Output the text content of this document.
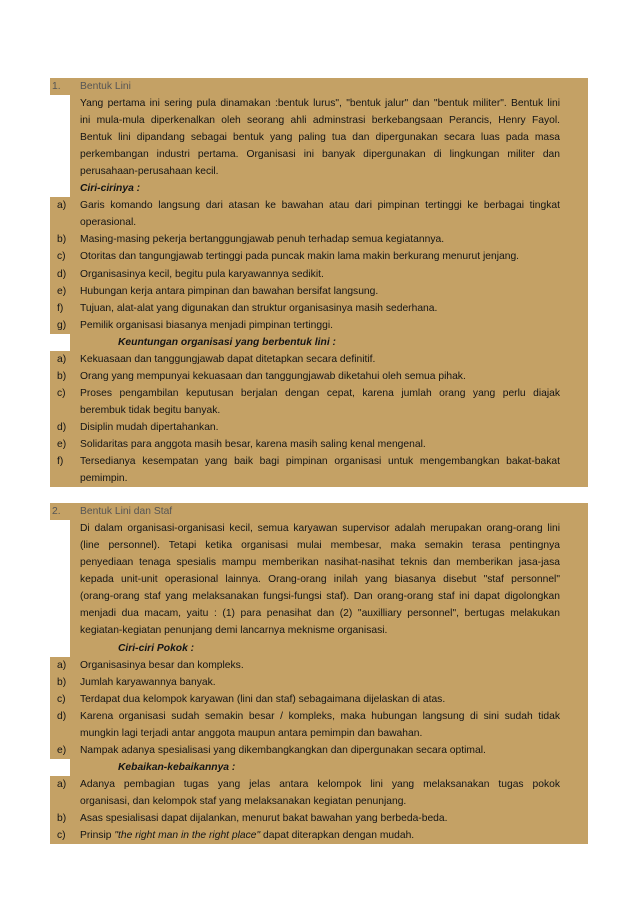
1. Bentuk Lini
Yang pertama ini sering pula dinamakan :bentuk lurus", "bentuk jalur" dan "bentuk militer". Bentuk lini
ini mula-mula diperkenalkan oleh seorang ahli adminstrasi berkebangsaan Perancis, Henry Fayol.
Bentuk lini dipandang sebagai bentuk yang paling tua dan dipergunakan secara luas pada masa
perkembangan industri pertama. Organisasi ini banyak dipergunakan di lingkungan militer dan
perusahaan-perusahaan kecil.
Ciri-cirinya :
a) Garis komando langsung dari atasan ke bawahan atau dari pimpinan tertinggi ke berbagai tingkat
operasional.
b) Masing-masing pekerja bertanggungjawab penuh terhadap semua kegiatannya.
c) Otoritas dan tangungjawab tertinggi pada puncak makin lama makin berkurang menurut jenjang.
d) Organisasinya kecil, begitu pula karyawannya sedikit.
e) Hubungan kerja antara pimpinan dan bawahan bersifat langsung.
f) Tujuan, alat-alat yang digunakan dan struktur organisasinya masih sederhana.
g) Pemilik organisasi biasanya menjadi pimpinan tertinggi.
Keuntungan organisasi yang berbentuk lini :
a) Kekuasaan dan tanggungjawab dapat ditetapkan secara definitif.
b) Orang yang mempunyai kekuasaan dan tanggungjawab diketahui oleh semua pihak.
c) Proses pengambilan keputusan berjalan dengan cepat, karena jumlah orang yang perlu diajak
berembuk tidak begitu banyak.
d) Disiplin mudah dipertahankan.
e) Solidaritas para anggota masih besar, karena masih saling kenal mengenal.
f) Tersedianya kesempatan yang baik bagi pimpinan organisasi untuk mengembangkan bakat-bakat
pemimpin.
2. Bentuk Lini dan Staf
Di dalam organisasi-organisasi kecil, semua karyawan supervisor adalah merupakan orang-orang lini
(line personnel). Tetapi ketika organisasi mulai membesar, maka semakin terasa pentingnya
penyediaan tenaga spesialis mampu memberikan nasihat-nasihat teknis dan memberikan jasa-jasa
kepada unit-unit operasional lainnya. Orang-orang inilah yang biasanya disebut "staf personnel"
(orang-orang staf yang melaksanakan fungsi-fungsi staf). Dan orang-orang staf ini dapat digolongkan
menjadi dua macam, yaitu : (1) para penasihat dan (2) "auxilliary personnel", bertugas melakukan
kegiatan-kegiatan penunjang demi lancarnya meknisme organisasi.
Ciri-ciri Pokok :
a) Organisasinya besar dan kompleks.
b) Jumlah karyawannya banyak.
c) Terdapat dua kelompok karyawan (lini dan staf) sebagaimana dijelaskan di atas.
d) Karena organisasi sudah semakin besar / kompleks, maka hubungan langsung di sini sudah tidak
mungkin lagi terjadi antar anggota maupun antara pemimpin dan bawahan.
e) Nampak adanya spesialisasi yang dikembangkangkan dan dipergunakan secara optimal.
Kebaikan-kebaikannya :
a) Adanya pembagian tugas yang jelas antara kelompok lini yang melaksanakan tugas pokok
organisasi, dan kelompok staf yang melaksanakan kegiatan penunjang.
b) Asas spesialisasi dapat dijalankan, menurut bakat bawahan yang berbeda-beda.
c) Prinsip "the right man in the right place" dapat diterapkan dengan mudah.
